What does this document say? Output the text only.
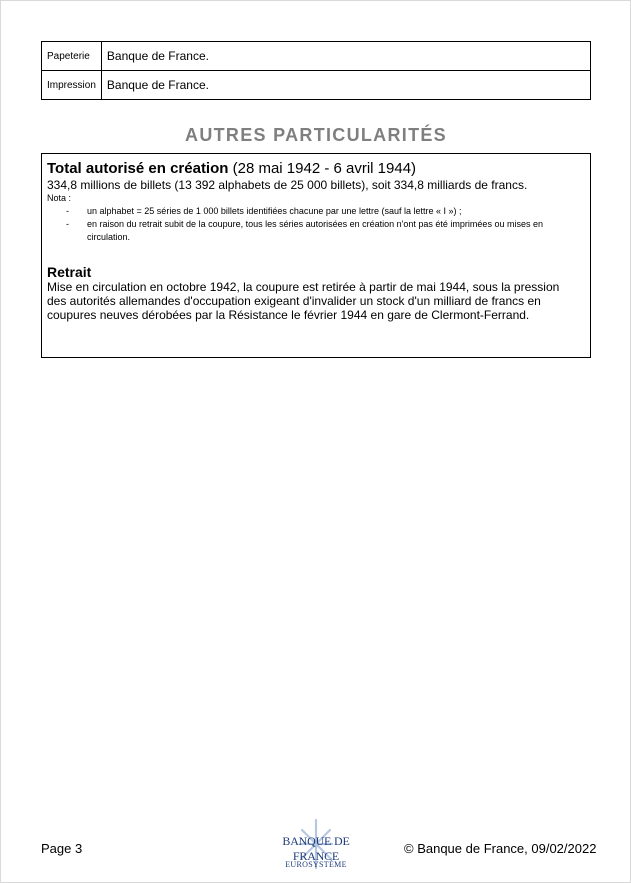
Papeterie	Banque de France.
Impression	Banque de France.
AUTRES PARTICULARITÉS
Total autorisé en création (28 mai 1942 - 6 avril 1944)
334,8 millions de billets (13 392 alphabets de 25 000 billets), soit 334,8 milliards de francs.
Nota :
- un alphabet = 25 séries de 1 000 billets identifiées chacune par une lettre (sauf la lettre « I ») ;
- en raison du retrait subit de la coupure, tous les séries autorisées en création n'ont pas été imprimées ou mises en circulation.
Retrait
Mise en circulation en octobre 1942, la coupure est retirée à partir de mai 1944, sous la pression des autorités allemandes d'occupation exigeant d'invalider un stock d'un milliard de francs en coupures neuves dérobées par la Résistance le février 1944 en gare de Clermont-Ferrand.
Page 3	BANQUE DE FRANCE
EUROSYSTÈME
© Banque de France, 09/02/2022
